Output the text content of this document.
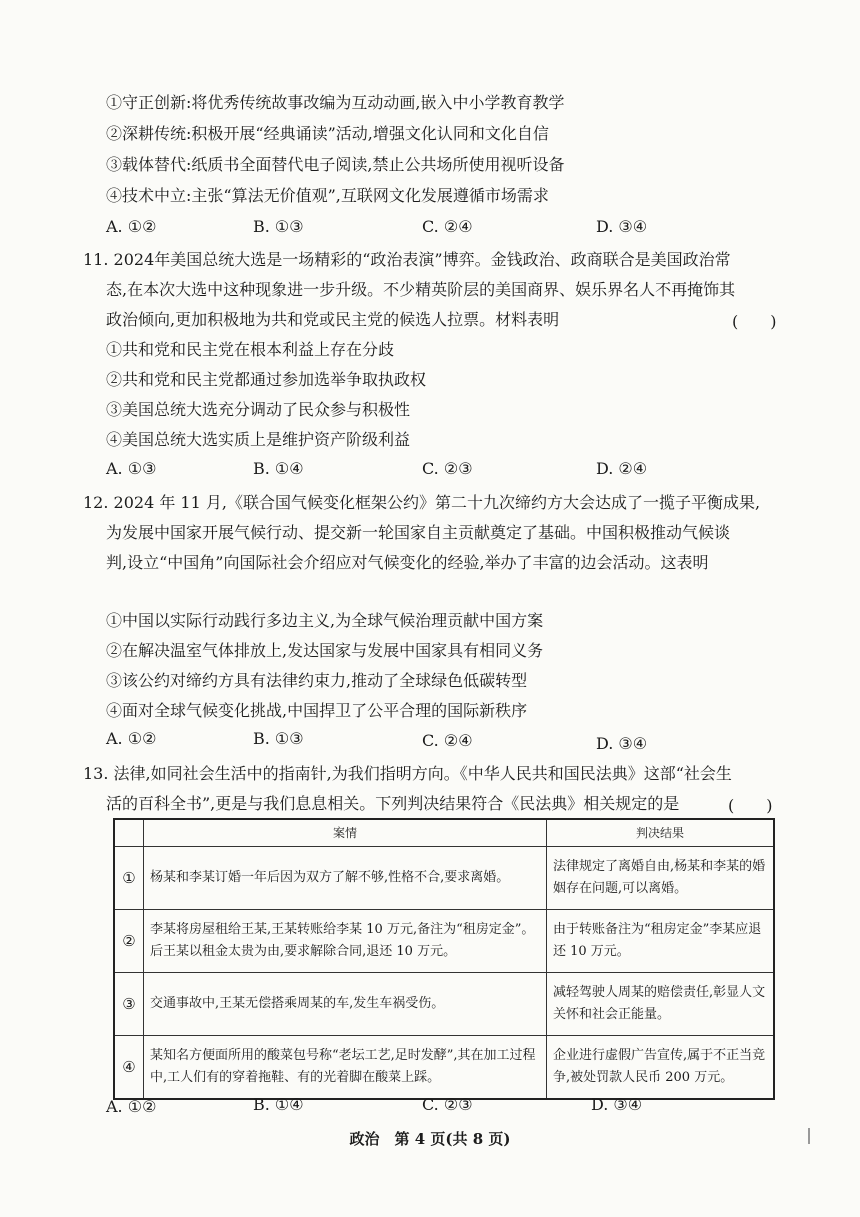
①守正创新:将优秀传统故事改编为互动动画,嵌入中小学教育教学
②深耕传统:积极开展“经典诵读”活动,增强文化认同和文化自信
③载体替代:纸质书全面替代电子阅读,禁止公共场所使用视听设备
④技术中立:主张“算法无价值观”,互联网文化发展遵循市场需求
A. ①②	B. ①③	C. ②④	D. ③④
11. 2024年美国总统大选是一场精彩的“政治表演”博弈。金钱政治、政商联合是美国政治常
态,在本次大选中这种现象进一步升级。不少精英阶层的美国商界、娱乐界名人不再掩饰其
政治倾向,更加积极地为共和党或民主党的候选人拉票。材料表明	(　　)
①共和党和民主党在根本利益上存在分歧
②共和党和民主党都通过参加选举争取执政权
③美国总统大选充分调动了民众参与积极性
④美国总统大选实质上是维护资产阶级利益
A. ①③	B. ①④	C. ②③	D. ②④
12. 2024 年 11 月,《联合国气候变化框架公约》第二十九次缔约方大会达成了一揽子平衡成果,
为发展中国家开展气候行动、提交新一轮国家自主贡献奠定了基础。中国积极推动气候谈
判,设立“中国角”向国际社会介绍应对气候变化的经验,举办了丰富的边会活动。这表明
①中国以实际行动践行多边主义,为全球气候治理贡献中国方案
②在解决温室气体排放上,发达国家与发展中国家具有相同义务
③该公约对缔约方具有法律约束力,推动了全球绿色低碳转型
④面对全球气候变化挑战,中国捍卫了公平合理的国际新秩序
A. ①②	B. ①③	C. ②④	D. ③④
13. 法律,如同社会生活中的指南针,为我们指明方向。《中华人民共和国民法典》这部“社会生
活的百科全书”,更是与我们息息相关。下列判决结果符合《民法典》相关规定的是	(　　)
	案情	判决结果
①	杨某和李某订婚一年后因为双方了解不够,性格不合,要求离婚。	法律规定了离婚自由,杨某和李某的婚姻存在问题,可以离婚。
②	李某将房屋租给王某,王某转账给李某 10 万元,备注为“租房定金”。后王某以租金太贵为由,要求解除合同,退还 10 万元。	由于转账备注为“租房定金”李某应退还 10 万元。
③	交通事故中,王某无偿搭乘周某的车,发生车祸受伤。	减轻驾驶人周某的赔偿责任,彰显人文关怀和社会正能量。
④	某知名方便面所用的酸菜包号称“老坛工艺,足时发酵”,其在加工过程中,工人们有的穿着拖鞋、有的光着脚在酸菜上踩。	企业进行虚假广告宣传,属于不正当竞争,被处罚款人民币 200 万元。
A. ①②	B. ①④	C. ②③	D. ③④
政治　第 4 页(共 8 页)
